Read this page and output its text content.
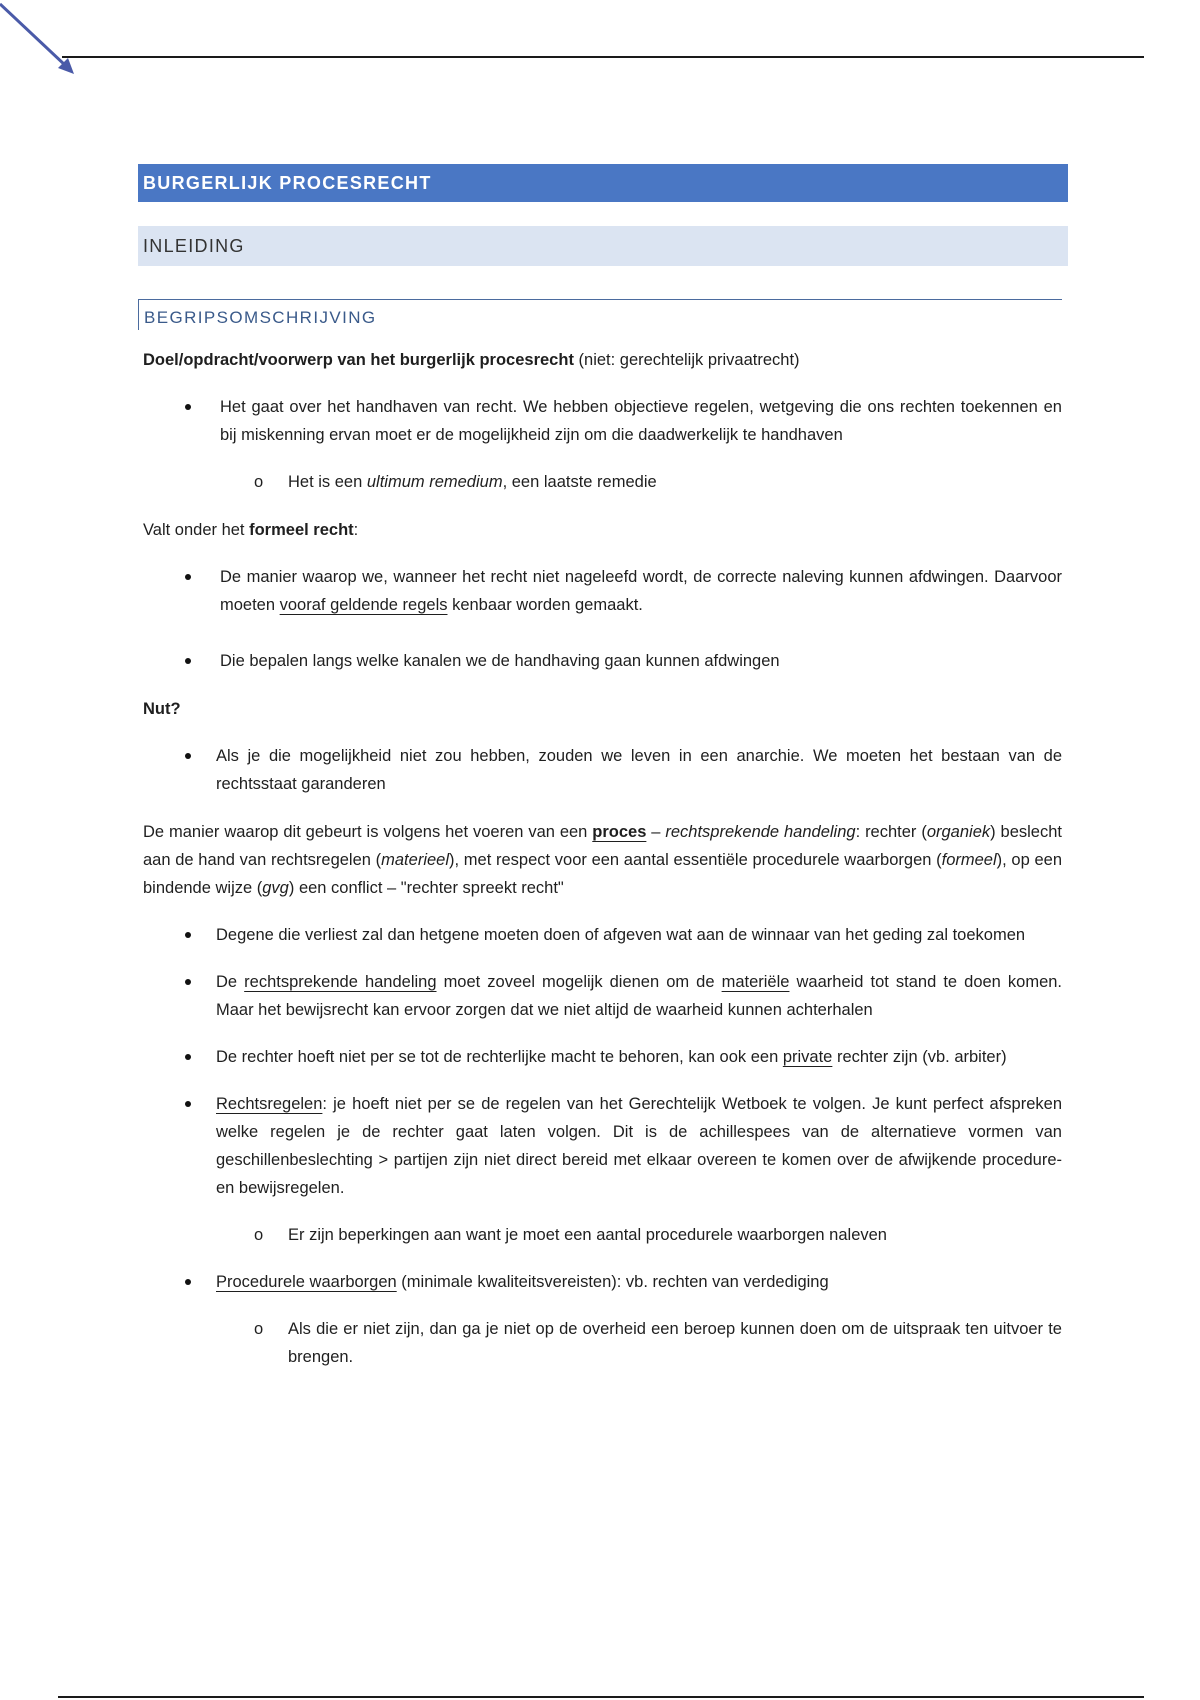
BURGERLIJK PROCESRECHT
INLEIDING
BEGRIPSOMSCHRIJVING

Doel/opdracht/voorwerp van het burgerlijk procesrecht (niet: gerechtelijk privaatrecht)

Het gaat over het handhaven van recht. We hebben objectieve regelen, wetgeving die ons rechten toekennen en bij miskenning ervan moet er de mogelijkheid zijn om die daadwerkelijk te handhaven

o Het is een ultimum remedium, een laatste remedie

Valt onder het formeel recht:

De manier waarop we, wanneer het recht niet nageleefd wordt, de correcte naleving kunnen afdwingen. Daarvoor moeten vooraf geldende regels kenbaar worden gemaakt.

Die bepalen langs welke kanalen we de handhaving gaan kunnen afdwingen

Nut?

Als je die mogelijkheid niet zou hebben, zouden we leven in een anarchie. We moeten het bestaan van de rechtsstaat garanderen

De manier waarop dit gebeurt is volgens het voeren van een proces – rechtsprekende handeling: rechter (organiek) beslecht aan de hand van rechtsregelen (materieel), met respect voor een aantal essentiële procedurele waarborgen (formeel), op een bindende wijze (gvg) een conflict – "rechter spreekt recht"

Degene die verliest zal dan hetgene moeten doen of afgeven wat aan de winnaar van het geding zal toekomen

De rechtsprekende handeling moet zoveel mogelijk dienen om de materiële waarheid tot stand te doen komen. Maar het bewijsrecht kan ervoor zorgen dat we niet altijd de waarheid kunnen achterhalen

De rechter hoeft niet per se tot de rechterlijke macht te behoren, kan ook een private rechter zijn (vb. arbiter)

Rechtsregelen: je hoeft niet per se de regelen van het Gerechtelijk Wetboek te volgen. Je kunt perfect afspreken welke regelen je de rechter gaat laten volgen. Dit is de achillespees van de alternatieve vormen van geschillenbeslechting > partijen zijn niet direct bereid met elkaar overeen te komen over de afwijkende procedure- en bewijsregelen.

o Er zijn beperkingen aan want je moet een aantal procedurele waarborgen naleven

Procedurele waarborgen (minimale kwaliteitsvereisten): vb. rechten van verdediging

o Als die er niet zijn, dan ga je niet op de overheid een beroep kunnen doen om de uitspraak ten uitvoer te brengen.
